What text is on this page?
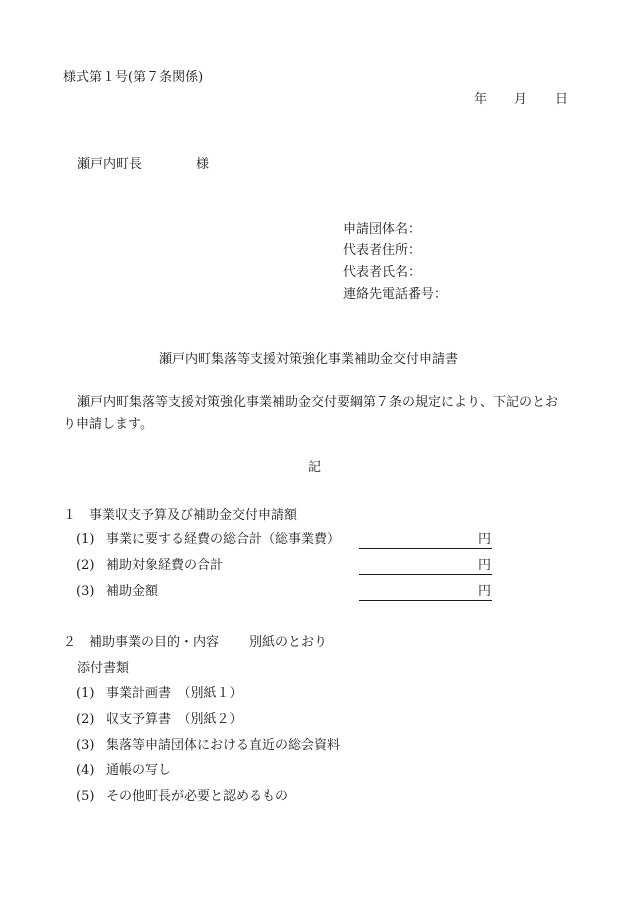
様式第１号(第７条関係)
年 月 日
瀬戸内町長	様
申請団体名：
代表者住所：
代表者氏名：
連絡先電話番号：
瀬戸内町集落等支援対策強化事業補助金交付申請書
瀬戸内町集落等支援対策強化事業補助金交付要綱第７条の規定により、下記のとお
り申請します。
記
１　事業収支予算及び補助金交付申請額
(1) 事業に要する経費の総合計（総事業費）	円
(2) 補助対象経費の合計	円
(3) 補助金額	円
２　補助事業の目的・内容 別紙のとおり
添付書類
(1) 事業計画書　（別紙１）
(2) 収支予算書　（別紙２）
(3) 集落等申請団体における直近の総会資料
(4) 通帳の写し
(5) その他町長が必要と認めるもの
